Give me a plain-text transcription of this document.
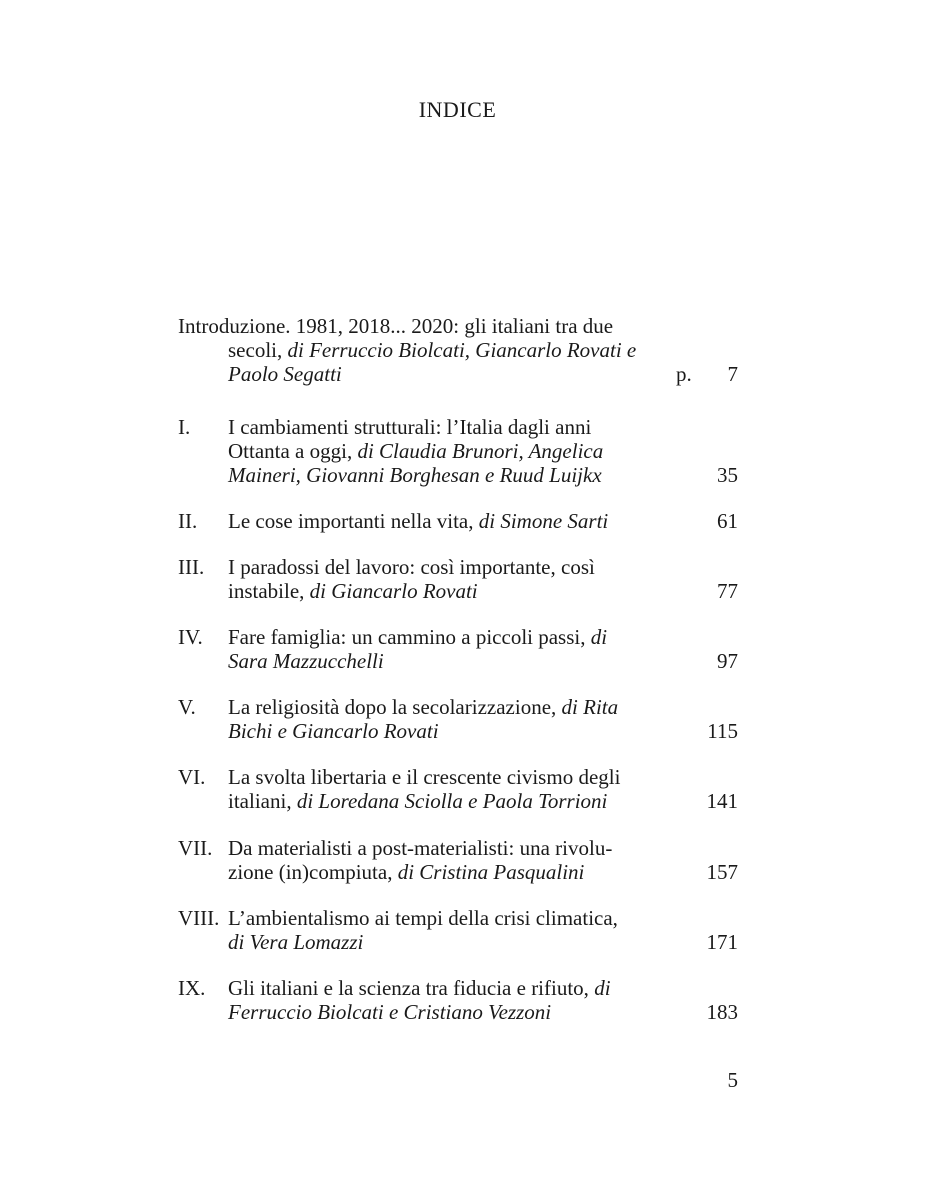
INDICE
Introduzione. 1981, 2018... 2020: gli italiani tra due
secoli, di Ferruccio Biolcati, Giancarlo Rovati e
Paolo Segatti	p. 7
I. I cambiamenti strutturali: l’Italia dagli anni
Ottanta a oggi, di Claudia Brunori, Angelica
Maineri, Giovanni Borghesan e Ruud Luijkx	35
II. Le cose importanti nella vita, di Simone Sarti	61
III. I paradossi del lavoro: così importante, così
instabile, di Giancarlo Rovati	77
IV. Fare famiglia: un cammino a piccoli passi, di
Sara Mazzucchelli	97
V. La religiosità dopo la secolarizzazione, di Rita
Bichi e Giancarlo Rovati	115
VI. La svolta libertaria e il crescente civismo degli
italiani, di Loredana Sciolla e Paola Torrioni	141
VII. Da materialisti a post-materialisti: una rivolu-
zione (in)compiuta, di Cristina Pasqualini	157
VIII. L’ambientalismo ai tempi della crisi climatica,
di Vera Lomazzi	171
IX. Gli italiani e la scienza tra fiducia e rifiuto, di
Ferruccio Biolcati e Cristiano Vezzoni	183
5
